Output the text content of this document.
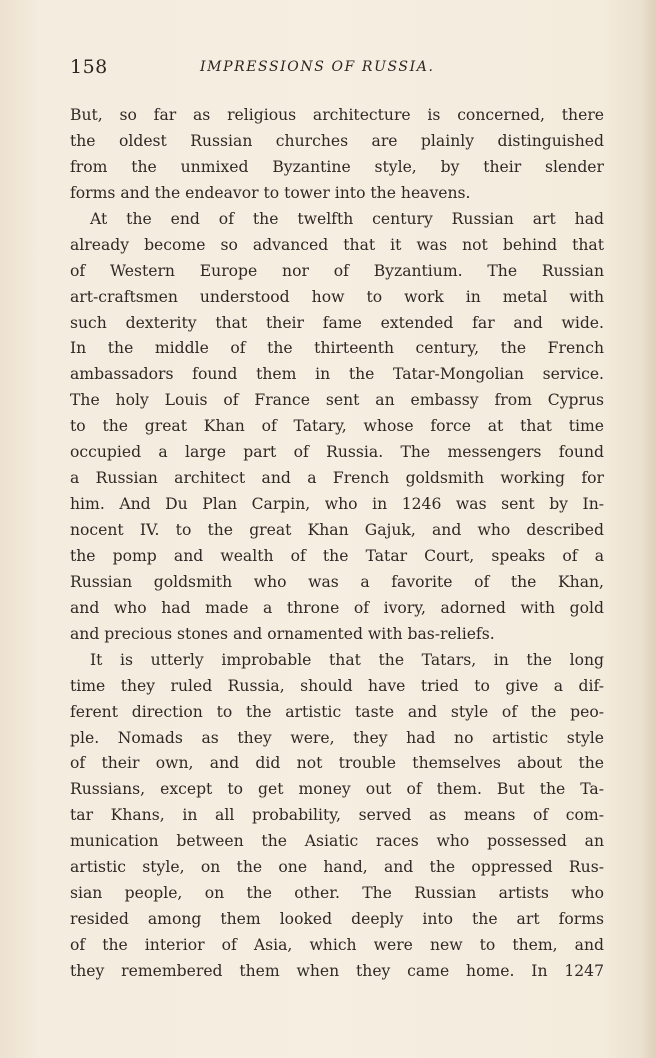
158	IMPRESSIONS OF RUSSIA.
But, so far as religious architecture is concerned, there
the oldest Russian churches are plainly distinguished
from the unmixed Byzantine style, by their slender
forms and the endeavor to tower into the heavens.
At the end of the twelfth century Russian art had
already become so advanced that it was not behind that
of Western Europe nor of Byzantium. The Russian
art-craftsmen understood how to work in metal with
such dexterity that their fame extended far and wide.
In the middle of the thirteenth century, the French
ambassadors found them in the Tatar-Mongolian service.
The holy Louis of France sent an embassy from Cyprus
to the great Khan of Tatary, whose force at that time
occupied a large part of Russia. The messengers found
a Russian architect and a French goldsmith working for
him. And Du Plan Carpin, who in 1246 was sent by In-
nocent IV. to the great Khan Gajuk, and who described
the pomp and wealth of the Tatar Court, speaks of a
Russian goldsmith who was a favorite of the Khan,
and who had made a throne of ivory, adorned with gold
and precious stones and ornamented with bas-reliefs.
It is utterly improbable that the Tatars, in the long
time they ruled Russia, should have tried to give a dif-
ferent direction to the artistic taste and style of the peo-
ple. Nomads as they were, they had no artistic style
of their own, and did not trouble themselves about the
Russians, except to get money out of them. But the Ta-
tar Khans, in all probability, served as means of com-
munication between the Asiatic races who possessed an
artistic style, on the one hand, and the oppressed Rus-
sian people, on the other. The Russian artists who
resided among them looked deeply into the art forms
of the interior of Asia, which were new to them, and
they remembered them when they came home. In 1247
